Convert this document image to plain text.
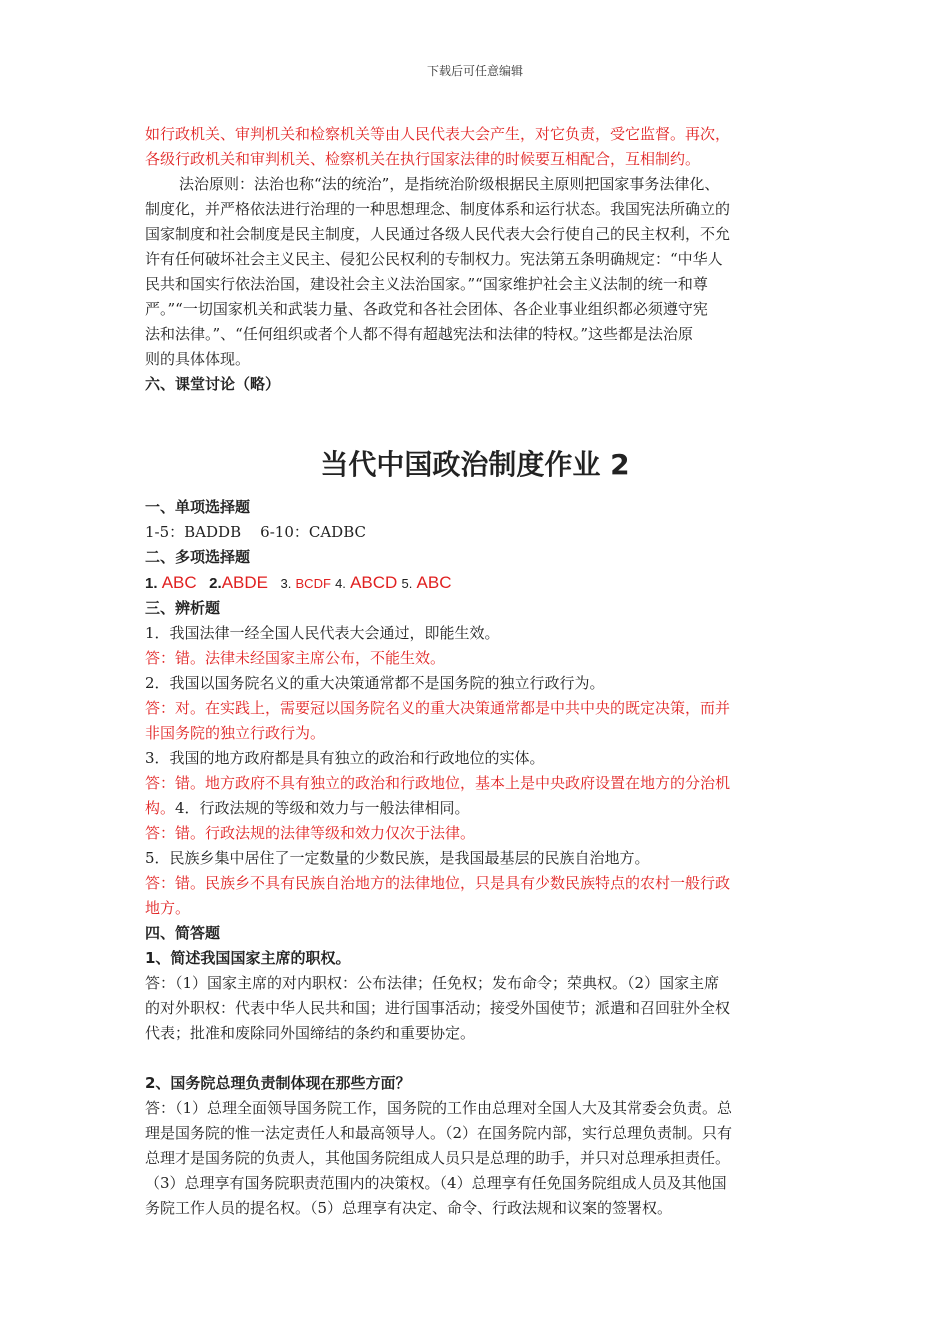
下载后可任意编辑
如行政机关、审判机关和检察机关等由人民代表大会产生，对它负责，受它监督。再次，
各级行政机关和审判机关、检察机关在执行国家法律的时候要互相配合，互相制约。
法治原则：法治也称“法的统治”，是指统治阶级根据民主原则把国家事务法律化、
制度化，并严格依法进行治理的一种思想理念、制度体系和运行状态。我国宪法所确立的
国家制度和社会制度是民主制度，人民通过各级人民代表大会行使自己的民主权利，不允
许有任何破坏社会主义民主、侵犯公民权利的专制权力。宪法第五条明确规定：“中华人
民共和国实行依法治国，建设社会主义法治国家。”“国家维护社会主义法制的统一和尊
严。”“一切国家机关和武装力量、各政党和各社会团体、各企业事业组织都必须遵守宪
法和法律。”、“任何组织或者个人都不得有超越宪法和法律的特权。”这些都是法治原
则的具体体现。
六、课堂讨论（略）
当代中国政治制度作业 2
一、单项选择题
1-5：BADDB    6-10：CADBC
二、多项选择题
1. ABC 2.ABDE 3. BCDF 4. ABCD 5. ABC
三、辨析题
1．我国法律一经全国人民代表大会通过，即能生效。
答：错。法律未经国家主席公布，不能生效。
2．我国以国务院名义的重大决策通常都不是国务院的独立行政行为。
答：对。在实践上，需要冠以国务院名义的重大决策通常都是中共中央的既定决策，而并
非国务院的独立行政行为。
3．我国的地方政府都是具有独立的政治和行政地位的实体。
答：错。地方政府不具有独立的政治和行政地位，基本上是中央政府设置在地方的分治机
构。4．行政法规的等级和效力与一般法律相同。
答：错。行政法规的法律等级和效力仅次于法律。
5．民族乡集中居住了一定数量的少数民族，是我国最基层的民族自治地方。
答：错。民族乡不具有民族自治地方的法律地位，只是具有少数民族特点的农村一般行政
地方。
四、简答题
1、简述我国国家主席的职权。
答：（1）国家主席的对内职权：公布法律；任免权；发布命令；荣典权。（2）国家主席
的对外职权：代表中华人民共和国；进行国事活动；接受外国使节；派遣和召回驻外全权
代表；批准和废除同外国缔结的条约和重要协定。
2、国务院总理负责制体现在那些方面？
答：（1）总理全面领导国务院工作，国务院的工作由总理对全国人大及其常委会负责。总
理是国务院的惟一法定责任人和最高领导人。（2）在国务院内部，实行总理负责制。只有
总理才是国务院的负责人，其他国务院组成人员只是总理的助手，并只对总理承担责任。
（3）总理享有国务院职责范围内的决策权。（4）总理享有任免国务院组成人员及其他国
务院工作人员的提名权。（5）总理享有决定、命令、行政法规和议案的签署权。
